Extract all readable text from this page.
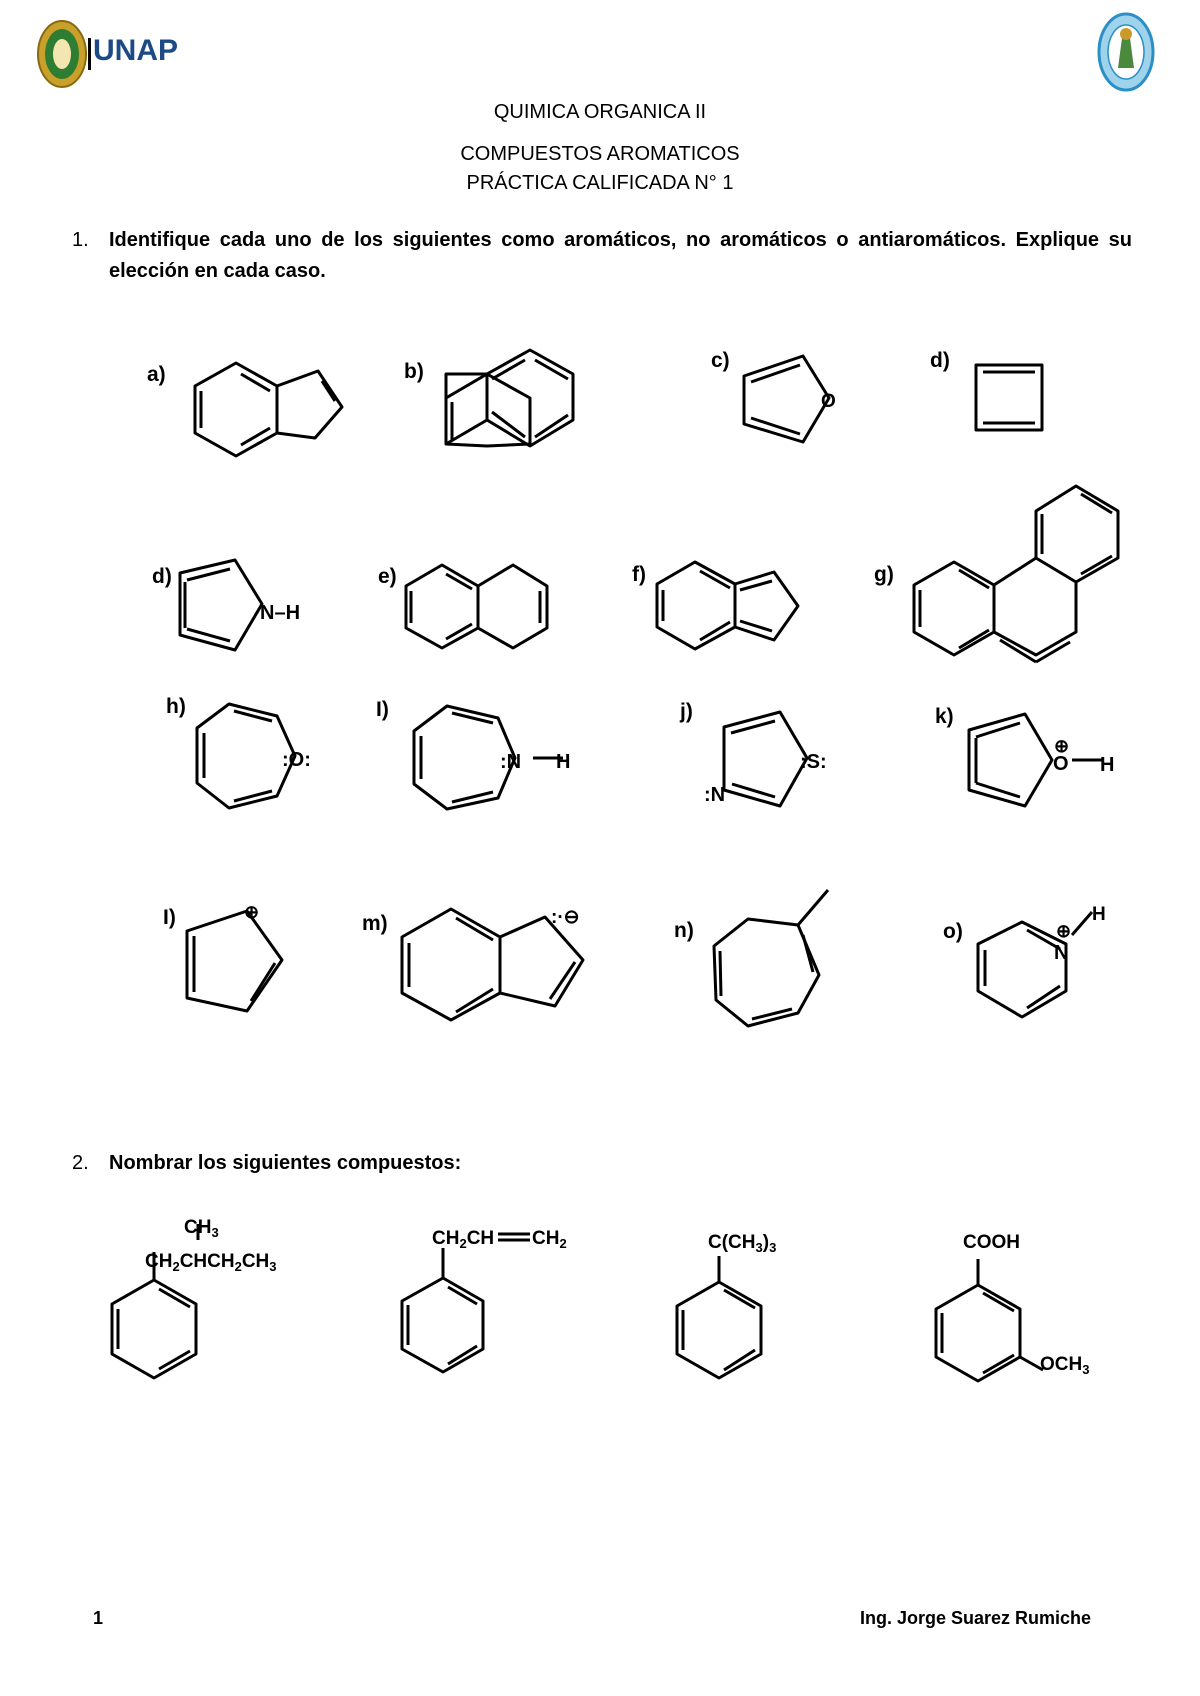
UNAP
QUIMICA ORGANICA II
COMPUESTOS AROMATICOS
PRÁCTICA CALIFICADA N° 1
1. Identifique cada uno de los siguientes como aromáticos, no aromáticos o antiaromáticos. Explique su elección en cada caso.
a)	b)	c)	d)
d)	e)	f)	g)
h)	I)	j)	k)
I)	m)	n)	o)
O
N–H
:O:	:N H
:N
:S:	O H
⊕
⊕	:·⊖
N
⊕
H
$CH_3$
$CH_2CHCH_2CH_3$
$CH_2CH$ $CH_2$	$C(CH_3)_3$	COOH
$OCH_3$
2. Nombrar los siguientes compuestos:
1	Ing. Jorge Suarez Rumiche
